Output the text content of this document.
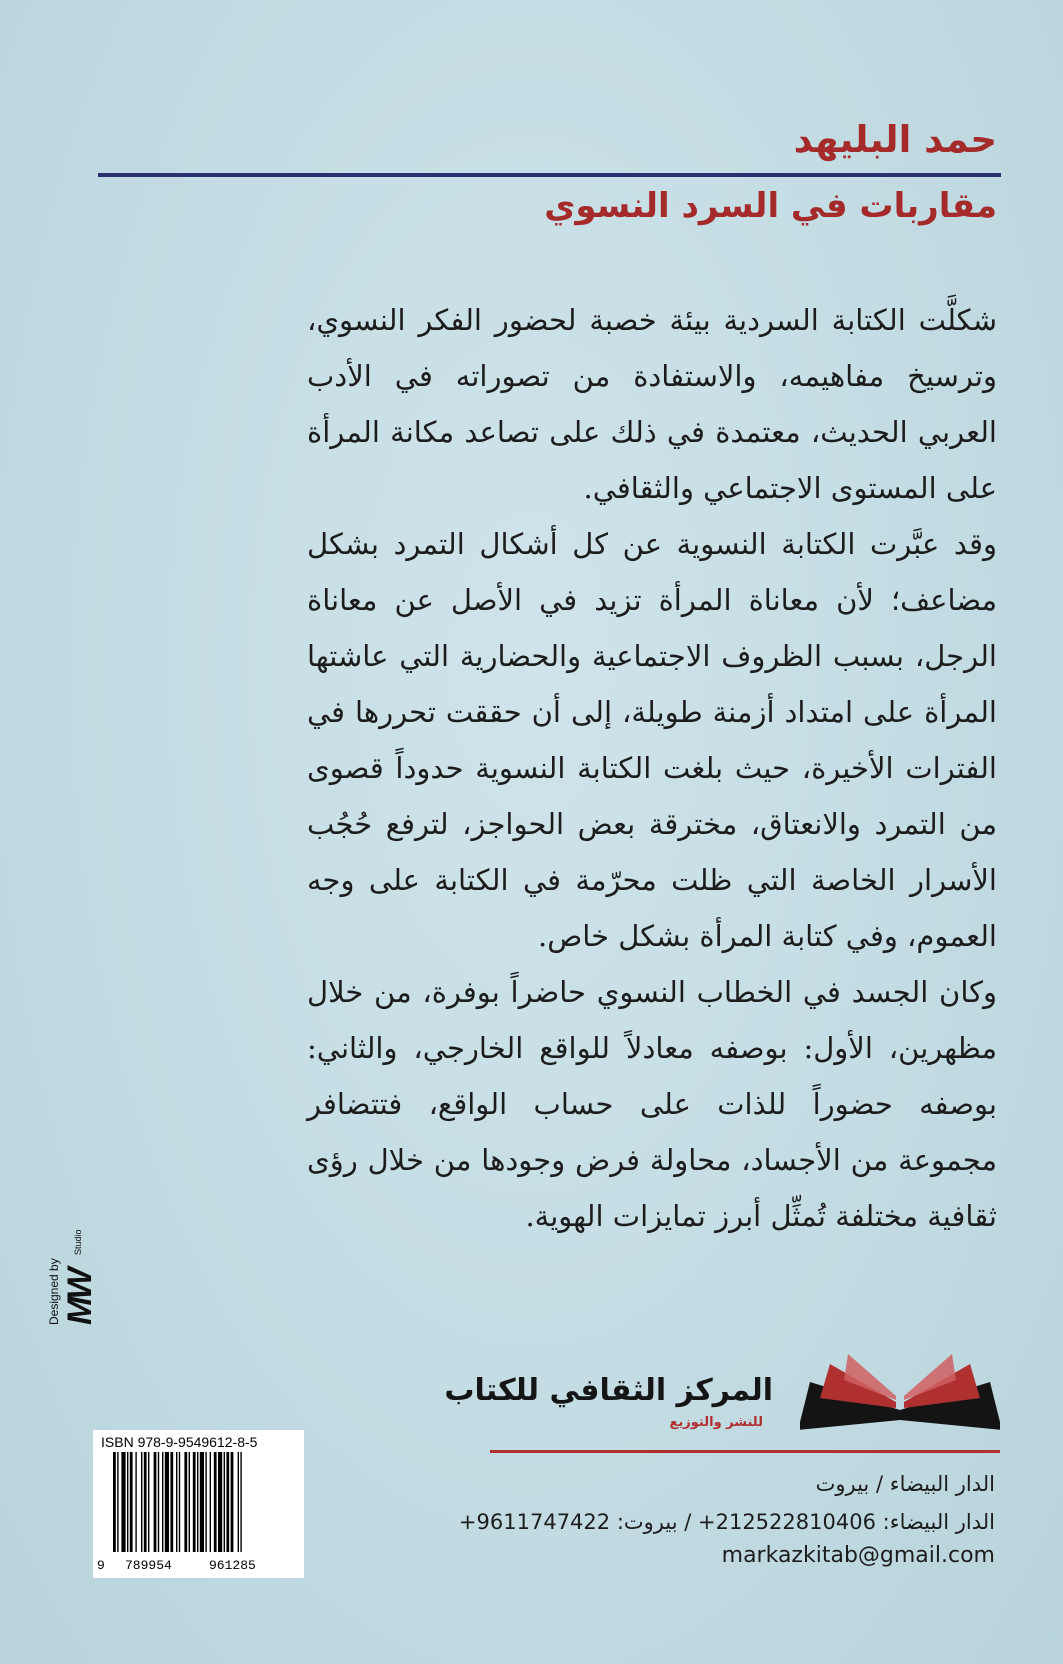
حمد البليهد
مقاربات في السرد النسوي

شكلَّت الكتابة السردية بيئة خصبة لحضور الفكر النسوي، وترسيخ مفاهيمه، والاستفادة من تصوراته في الأدب العربي الحديث، معتمدة في ذلك على تصاعد مكانة المرأة على المستوى الاجتماعي والثقافي.

وقد عبَّرت الكتابة النسوية عن كل أشكال التمرد بشكل مضاعف؛ لأن معاناة المرأة تزيد في الأصل عن معاناة الرجل، بسبب الظروف الاجتماعية والحضارية التي عاشتها المرأة على امتداد أزمنة طويلة، إلى أن حققت تحررها في الفترات الأخيرة، حيث بلغت الكتابة النسوية حدوداً قصوى من التمرد والانعتاق، مخترقة بعض الحواجز، لترفع حُجُب الأسرار الخاصة التي ظلت محرّمة في الكتابة على وجه العموم، وفي كتابة المرأة بشكل خاص.

وكان الجسد في الخطاب النسوي حاضراً بوفرة، من خلال مظهرين، الأول: بوصفه معادلاً للواقع الخارجي، والثاني: بوصفه حضوراً للذات على حساب الواقع، فتتضافر مجموعة من الأجساد، محاولة فرض وجودها من خلال رؤى ثقافية مختلفة تُمثِّل أبرز تمايزات الهوية.

Designed by MW
Studio
المركز الثقافي للكتاب
للنشر والتوزيع
الدار البيضاء / بيروت
الدار البيضاء: 212522810406+ / بيروت: 9611747422+
markazkitab@gmail.com
ISBN 978-9-9549612-8-5
9 789954	961285
